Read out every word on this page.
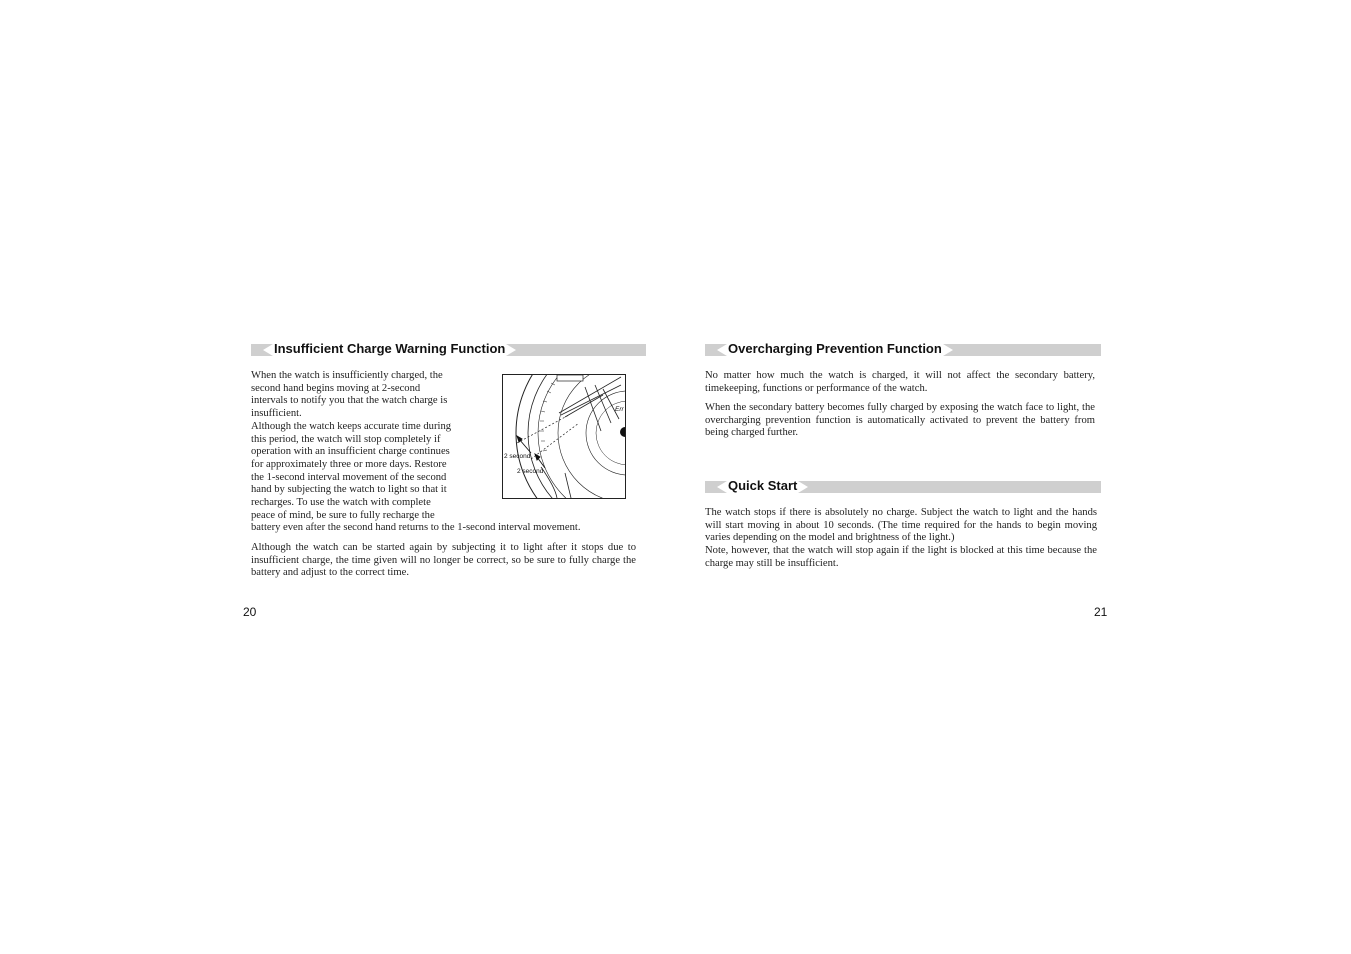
Insufficient Charge Warning Function
When the watch is insufficiently charged, the
second hand begins moving at 2-second
intervals to notify you that the watch charge is
insufficient.
Although the watch keeps accurate time during
this period, the watch will stop completely if
operation with an insufficient charge continues
for approximately three or more days. Restore
the 1-second interval movement of the second
hand by subjecting the watch to light so that it
recharges. To use the watch with complete
peace of mind, be sure to fully recharge the
battery even after the second hand returns to the 1-second interval movement.
Although the watch can be started again by subjecting it to light after it stops due to insufficient charge, the time given will no longer be correct, so be sure to fully charge the battery and adjust to the correct time.
Err
2 second
2 second
20
Overcharging Prevention Function
No matter how much the watch is charged, it will not affect the secondary battery, timekeeping, functions or performance of the watch.
When the secondary battery becomes fully charged by exposing the watch face to light, the overcharging prevention function is automatically activated to prevent the battery from being charged further.
Quick Start
The watch stops if there is absolutely no charge. Subject the watch to light and the hands will start moving in about 10 seconds. (The time required for the hands to begin moving varies depending on the model and brightness of the light.)
Note, however, that the watch will stop again if the light is blocked at this time because the charge may still be insufficient.
21
